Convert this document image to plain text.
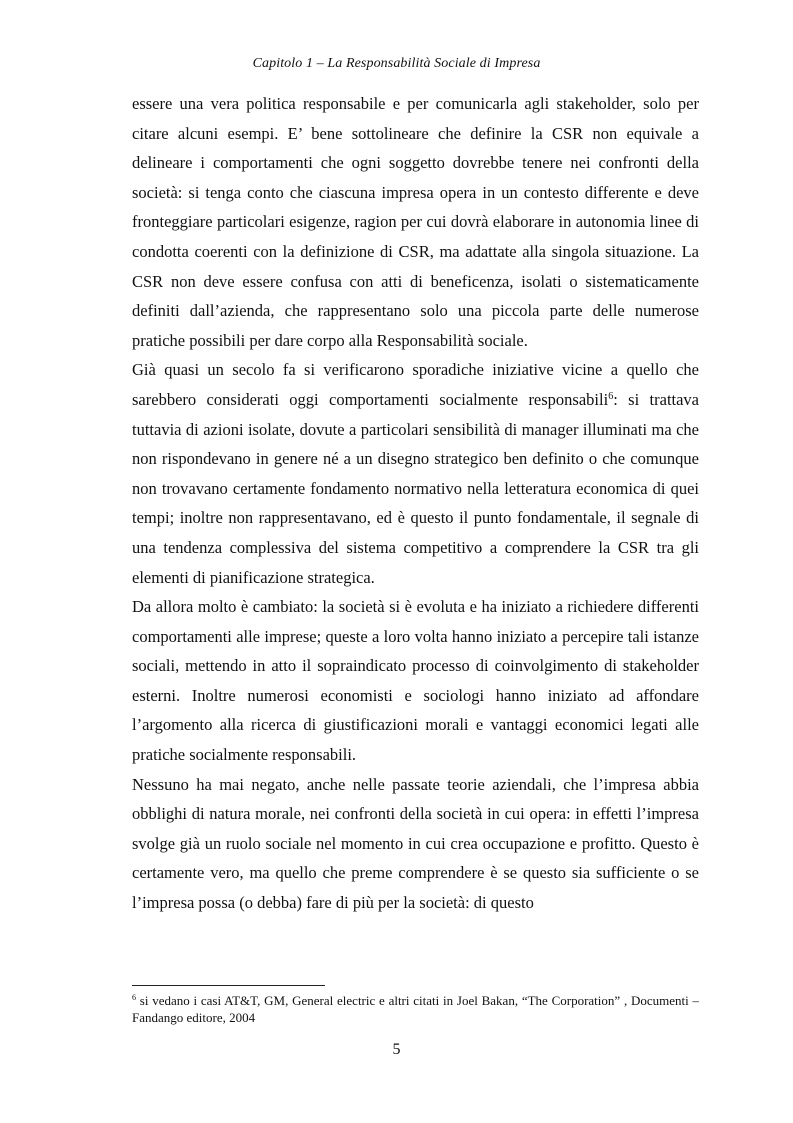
Capitolo 1 – La Responsabilità Sociale di Impresa

essere una vera politica responsabile e per comunicarla agli stakeholder, solo per citare alcuni esempi. E’ bene sottolineare che definire la CSR non equivale a delineare i comportamenti che ogni soggetto dovrebbe tenere nei confronti della società: si tenga conto che ciascuna impresa opera in un contesto differente e deve fronteggiare particolari esigenze, ragion per cui dovrà elaborare in autonomia linee di condotta coerenti con la definizione di CSR, ma adattate alla singola situazione. La CSR non deve essere confusa con atti di beneficenza, isolati o sistematicamente definiti dall’azienda, che rappresentano solo una piccola parte delle numerose pratiche possibili per dare corpo alla Responsabilità sociale.

Già quasi un secolo fa si verificarono sporadiche iniziative vicine a quello che sarebbero considerati oggi comportamenti socialmente responsabili$^6$: si trattava tuttavia di azioni isolate, dovute a particolari sensibilità di manager illuminati ma che non rispondevano in genere né a un disegno strategico ben definito o che comunque non trovavano certamente fondamento normativo nella letteratura economica di quei tempi; inoltre non rappresentavano, ed è questo il punto fondamentale, il segnale di una tendenza complessiva del sistema competitivo a comprendere la CSR tra gli elementi di pianificazione strategica.

Da allora molto è cambiato: la società si è evoluta e ha iniziato a richiedere differenti comportamenti alle imprese; queste a loro volta hanno iniziato a percepire tali istanze sociali, mettendo in atto il sopraindicato processo di coinvolgimento di stakeholder esterni. Inoltre numerosi economisti e sociologi hanno iniziato ad affondare l’argomento alla ricerca di giustificazioni morali e vantaggi economici legati alle pratiche socialmente responsabili.

Nessuno ha mai negato, anche nelle passate teorie aziendali, che l’impresa abbia obblighi di natura morale, nei confronti della società in cui opera: in effetti l’impresa svolge già un ruolo sociale nel momento in cui crea occupazione e profitto. Questo è certamente vero, ma quello che preme comprendere è se questo sia sufficiente o se l’impresa possa (o debba) fare di più per la società: di questo

$^6$ si vedano i casi AT&T, GM, General electric e altri citati in Joel Bakan, “The Corporation” , Documenti – Fandango editore, 2004

5
